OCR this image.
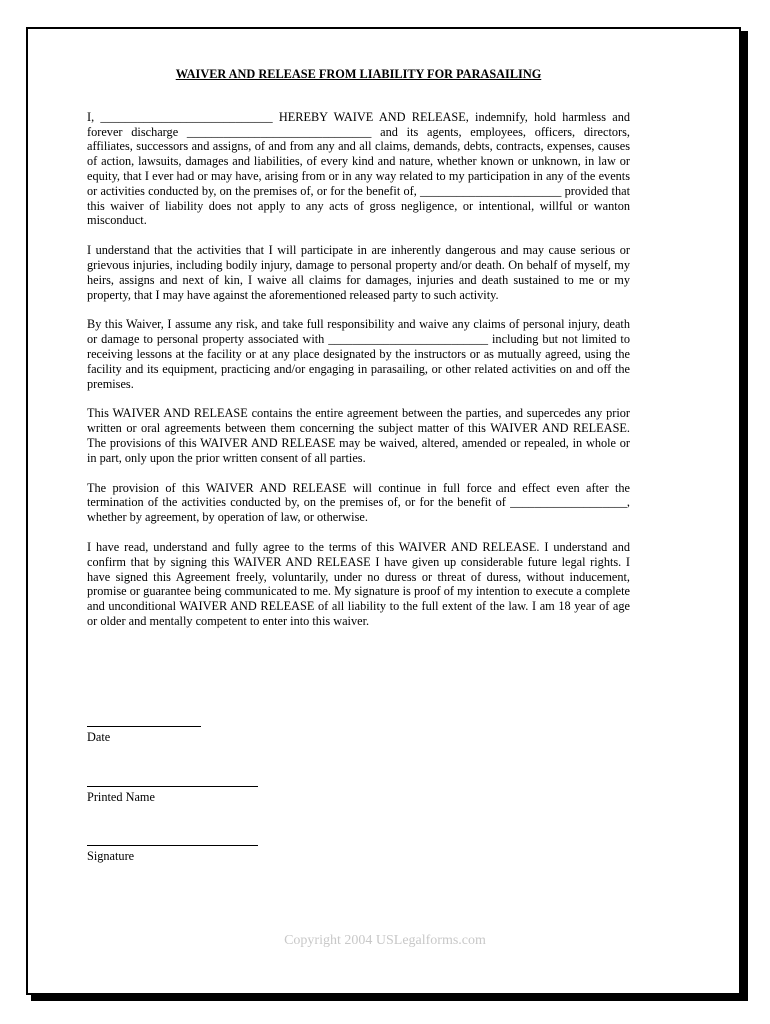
WAIVER AND RELEASE FROM LIABILITY FOR PARASAILING

I, ____________________________ HEREBY WAIVE AND RELEASE, indemnify, hold harmless and forever discharge ______________________________ and its agents, employees, officers, directors, affiliates, successors and assigns, of and from any and all claims, demands, debts, contracts, expenses, causes of action, lawsuits, damages and liabilities, of every kind and nature, whether known or unknown, in law or equity, that I ever had or may have, arising from or in any way related to my participation in any of the events or activities conducted by, on the premises of, or for the benefit of, _______________________ provided that this waiver of liability does not apply to any acts of gross negligence, or intentional, willful or wanton misconduct.

I understand that the activities that I will participate in are inherently dangerous and may cause serious or grievous injuries, including bodily injury, damage to personal property and/or death. On behalf of myself, my heirs, assigns and next of kin, I waive all claims for damages, injuries and death sustained to me or my property, that I may have against the aforementioned released party to such activity.

By this Waiver, I assume any risk, and take full responsibility and waive any claims of personal injury, death or damage to personal property associated with __________________________ including but not limited to receiving lessons at the facility or at any place designated by the instructors or as mutually agreed, using the facility and its equipment, practicing and/or engaging in parasailing, or other related activities on and off the premises.

This WAIVER AND RELEASE contains the entire agreement between the parties, and supercedes any prior written or oral agreements between them concerning the subject matter of this WAIVER AND RELEASE. The provisions of this WAIVER AND RELEASE may be waived, altered, amended or repealed, in whole or in part, only upon the prior written consent of all parties.

The provision of this WAIVER AND RELEASE will continue in full force and effect even after the termination of the activities conducted by, on the premises of, or for the benefit of ___________________, whether by agreement, by operation of law, or otherwise.

I have read, understand and fully agree to the terms of this WAIVER AND RELEASE. I understand and confirm that by signing this WAIVER AND RELEASE I have given up considerable future legal rights. I have signed this Agreement freely, voluntarily, under no duress or threat of duress, without inducement, promise or guarantee being communicated to me. My signature is proof of my intention to execute a complete and unconditional WAIVER AND RELEASE of all liability to the full extent of the law. I am 18 year of age or older and mentally competent to enter into this waiver.

Date
Printed Name
Signature
Copyright 2004 USLegalforms.com
